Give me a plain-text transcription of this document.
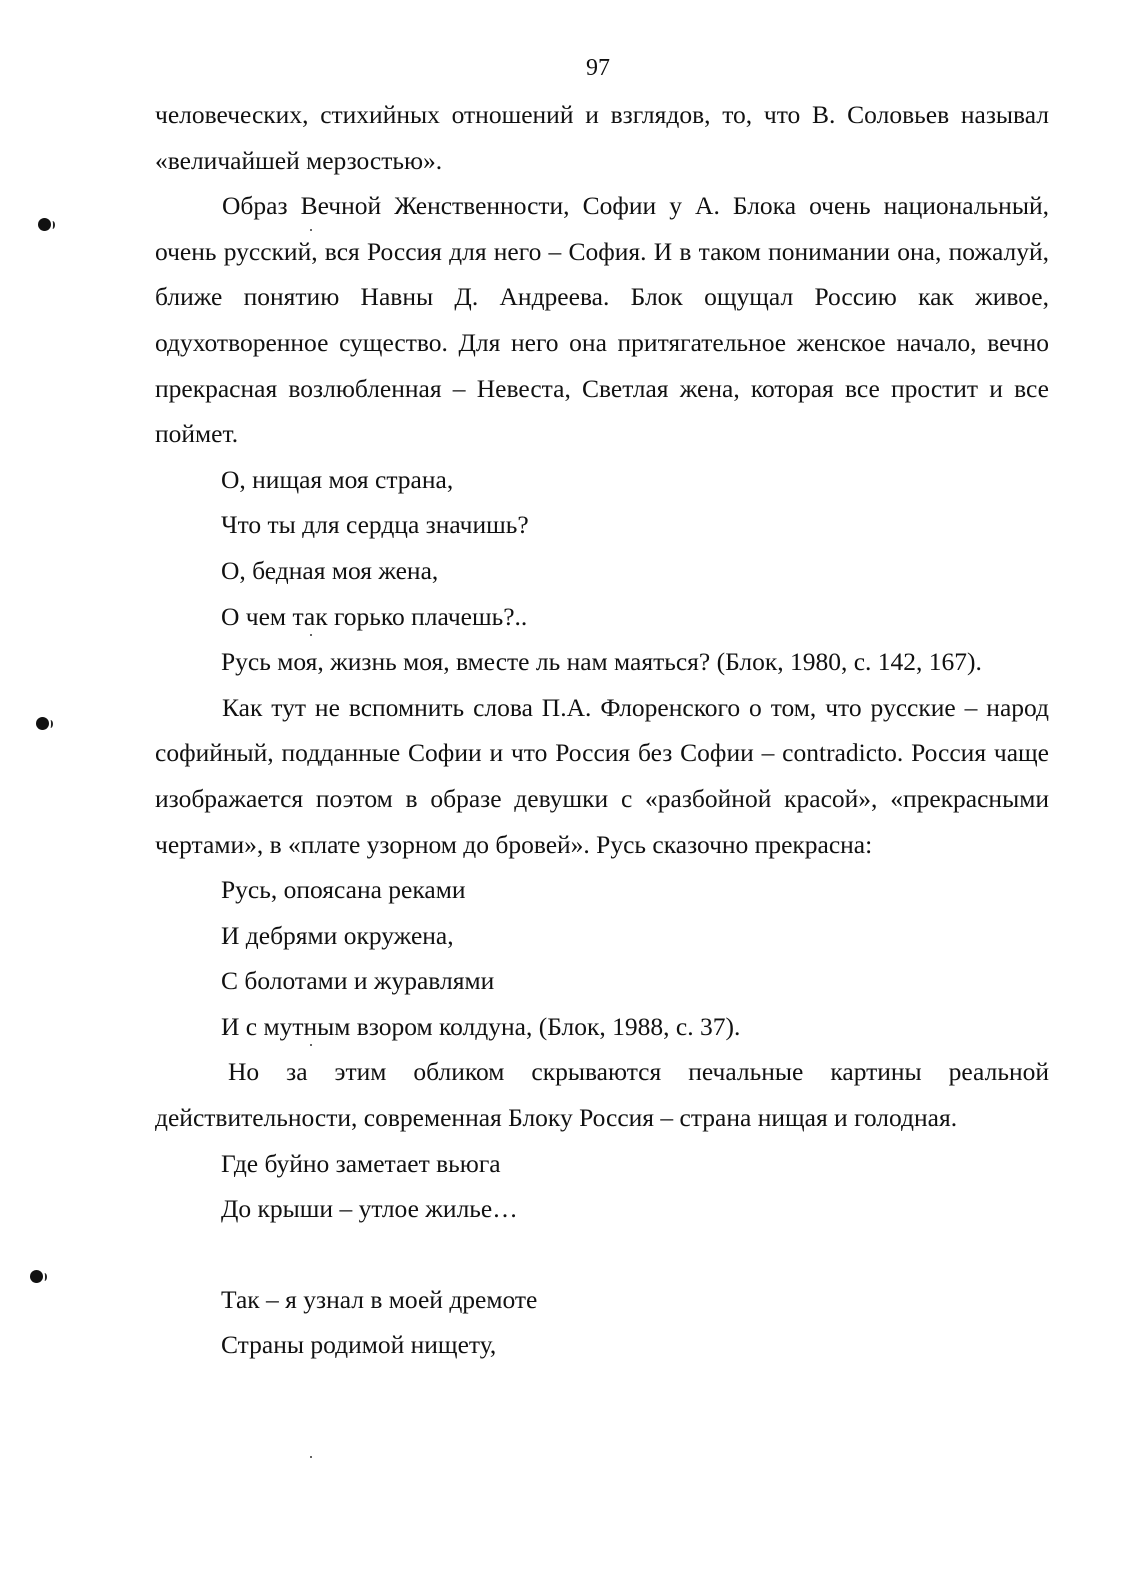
97

человеческих, стихийных отношений и взглядов, то, что В. Соловьев называл «величайшей мерзостью».

Образ Вечной Женственности, Софии у А. Блока очень национальный, очень русский, вся Россия для него – София. И в таком понимании она, пожалуй, ближе понятию Навны Д. Андреева. Блок ощущал Россию как живое, одухотворенное существо. Для него она притягательное женское начало, вечно прекрасная возлюбленная – Невеста, Светлая жена, которая все простит и все поймет.

О, нищая моя страна,

Что ты для сердца значишь?

О, бедная моя жена,

О чем так горько плачешь?..

Русь моя, жизнь моя, вместе ль нам маяться? (Блок, 1980, с. 142, 167).

Как тут не вспомнить слова П.А. Флоренского о том, что русские – народ софийный, подданные Софии и что Россия без Софии – contradicto. Россия чаще изображается поэтом в образе девушки с «разбойной красой», «прекрасными чертами», в «плате узорном до бровей». Русь сказочно прекрасна:

Русь, опоясана реками

И дебрями окружена,

С болотами и журавлями

И с мутным взором колдуна, (Блок, 1988, с. 37).

Но за этим обликом скрываются печальные картины реальной действительности, современная Блоку Россия – страна нищая и голодная.

Где буйно заметает вьюга

До крыши – утлое жилье…

Так – я узнал в моей дремоте

Страны родимой нищету,
